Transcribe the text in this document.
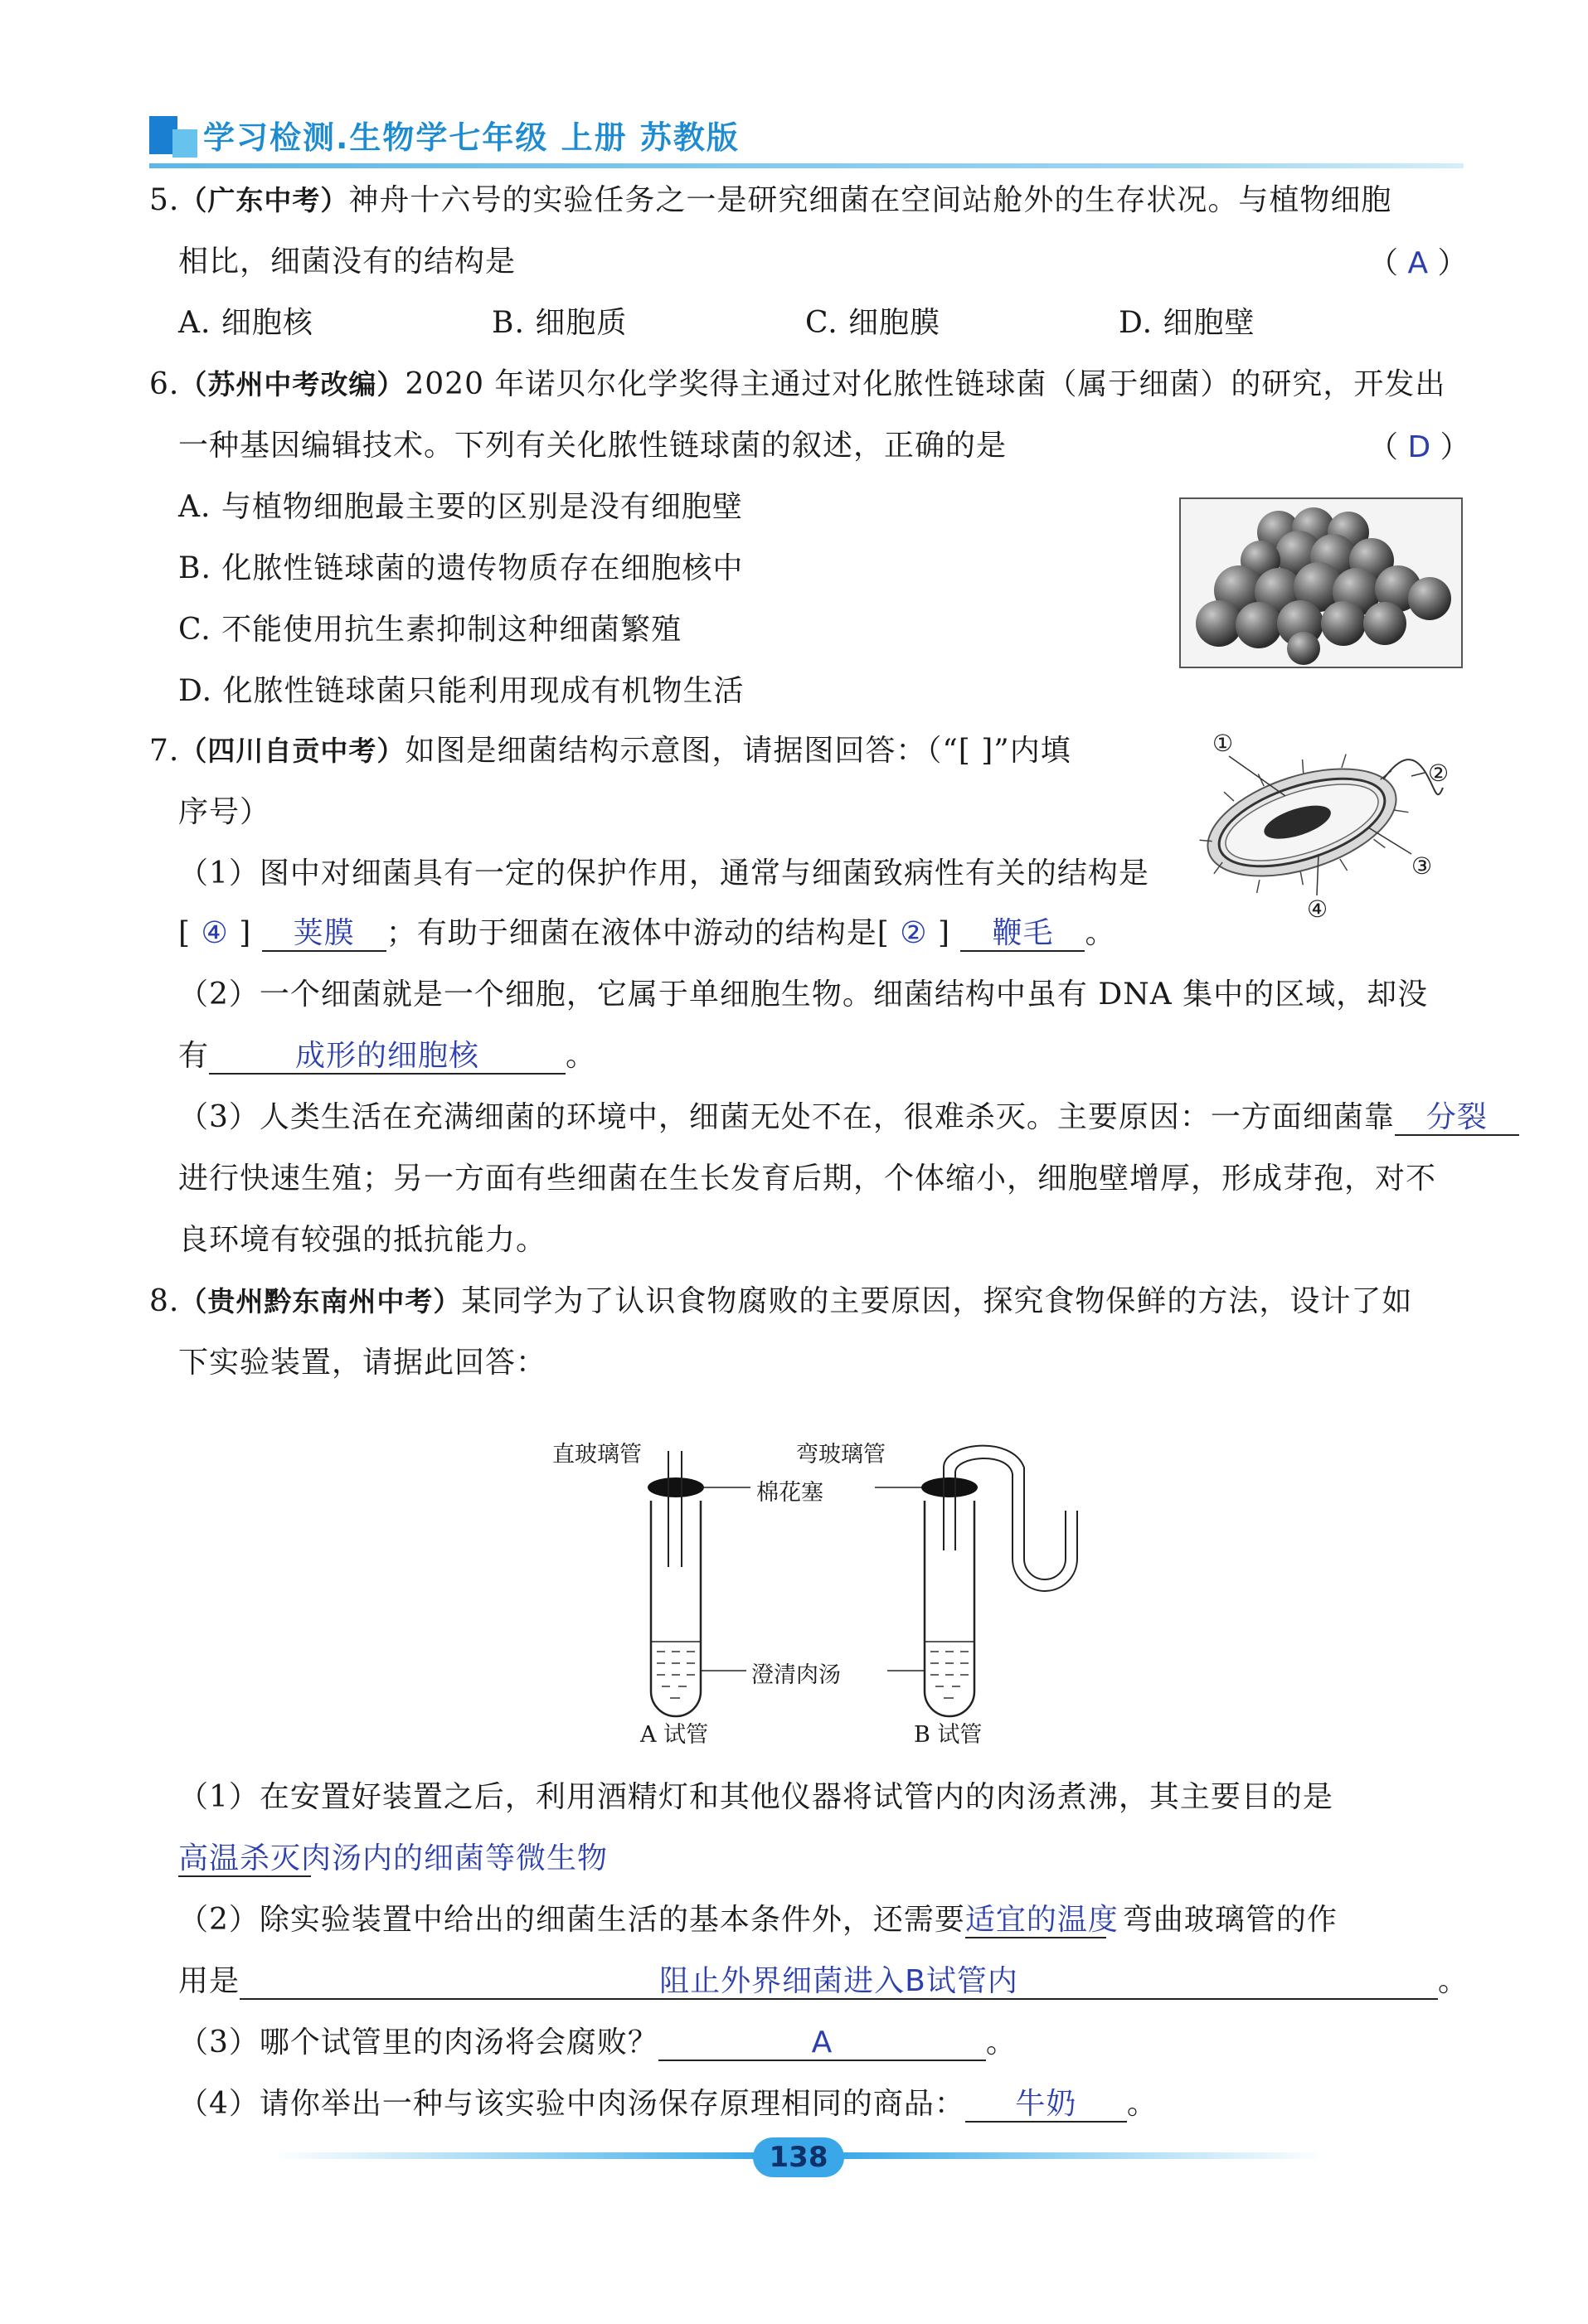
学习检测.生物学七年级 上册 苏教版
5.（广东中考）神舟十六号的实验任务之一是研究细菌在空间站舱外的生存状况。与植物细胞
相比，细菌没有的结构是	（ A ）
A. 细胞核	B. 细胞质	C. 细胞膜	D. 细胞壁
6.（苏州中考改编）2020 年诺贝尔化学奖得主通过对化脓性链球菌（属于细菌）的研究，开发出
一种基因编辑技术。下列有关化脓性链球菌的叙述，正确的是	（ D ）
A. 与植物细胞最主要的区别是没有细胞壁
B. 化脓性链球菌的遗传物质存在细胞核中
C. 不能使用抗生素抑制这种细菌繁殖
D. 化脓性链球菌只能利用现成有机物生活
7.（四川自贡中考）如图是细菌结构示意图，请据图回答：（“[ ]”内填
序号）
①
②
③
④
（1）图中对细菌具有一定的保护作用，通常与细菌致病性有关的结构是
[ ④ ] 荚膜 ；有助于细菌在液体中游动的结构是[ ② ] 鞭毛 。
（2）一个细菌就是一个细胞，它属于单细胞生物。细菌结构中虽有 DNA 集中的区域，却没
有	成形的细胞核	。
（3）人类生活在充满细菌的环境中，细菌无处不在，很难杀灭。主要原因：一方面细菌靠 分裂
进行快速生殖；另一方面有些细菌在生长发育后期，个体缩小，细胞壁增厚，形成芽孢，对不
良环境有较强的抵抗能力。
8.（贵州黔东南州中考）某同学为了认识食物腐败的主要原因，探究食物保鲜的方法，设计了如
下实验装置，请据此回答：
直玻璃管	弯玻璃管
棉花塞
澄清肉汤
A 试管	B 试管
（1）在安置好装置之后，利用酒精灯和其他仪器将试管内的肉汤煮沸，其主要目的是
高温杀灭肉汤内的细菌等微生物
（2）除实验装置中给出的细菌生活的基本条件外，还需要适宜的温度 弯曲玻璃管的作
用是	阻止外界细菌进入B试管内	。
（3）哪个试管里的肉汤将会腐败？	A	。
（4）请你举出一种与该实验中肉汤保存原理相同的商品： 牛奶 。
138
